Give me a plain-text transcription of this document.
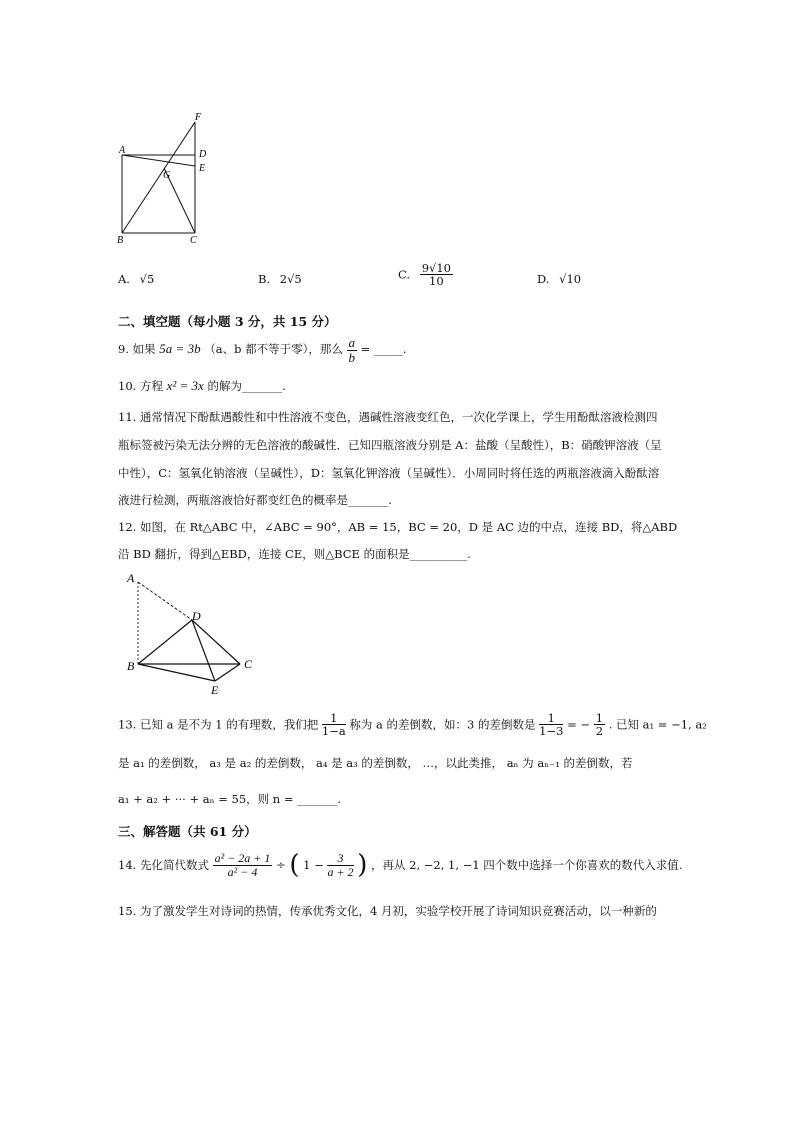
F
A	D
G
E
B	C
A. √5	B. 2√5	C. $\frac{9√10}{10}$	D. √10
二、填空题（每小题 3 分，共 15 分）
9. 如果 5a = 3b （a、b 都不等于零），那么 $\frac{a}{b}$ = _____.
10. 方程 x² = 3x 的解为_______.
11. 通常情况下酚酞遇酸性和中性溶液不变色，遇碱性溶液变红色，一次化学课上，学生用酚酞溶液检测四
瓶标签被污染无法分辨的无色溶液的酸碱性．已知四瓶溶液分别是 A：盐酸（呈酸性），B：硝酸钾溶液（呈
中性），C：氢氧化钠溶液（呈碱性），D：氢氧化钾溶液（呈碱性）．小周同时将任选的两瓶溶液滴入酚酞溶
液进行检测，两瓶溶液恰好都变红色的概率是_______.
12. 如图，在 Rt△ABC 中，∠ABC = 90°，AB = 15，BC = 20，D 是 AC 边的中点，连接 BD，将△ABD
沿 BD 翻折，得到△EBD，连接 CE，则△BCE 的面积是__________.
A
D
B	C
E
13. 已知 a 是不为 1 的有理数，我们把 $\frac{1}{1-a}$ 称为 a 的差倒数，如：3 的差倒数是 $\frac{1}{1-3}$ = − $\frac{1}{2}$ . 已知 a₁ = −1, a₂
是 a₁ 的差倒数， a₃ 是 a₂ 的差倒数， a₄ 是 a₃ 的差倒数， …，以此类推， aₙ 为 aₙ₋₁ 的差倒数，若
a₁ + a₂ + ··· + aₙ = 55，则 n = _______.
三、解答题（共 61 分）
14. 先化简代数式 $\frac{\text{a² − 2a + 1}}{\text{a² − 4}}$ ÷ ( $1 - \frac{3}{a + 2}$ ) ，再从 2, −2, 1, −1 四个数中选择一个你喜欢的数代入求值.
15. 为了激发学生对诗词的热情，传承优秀文化，4 月初，实验学校开展了诗词知识竞赛活动，以一种新的
